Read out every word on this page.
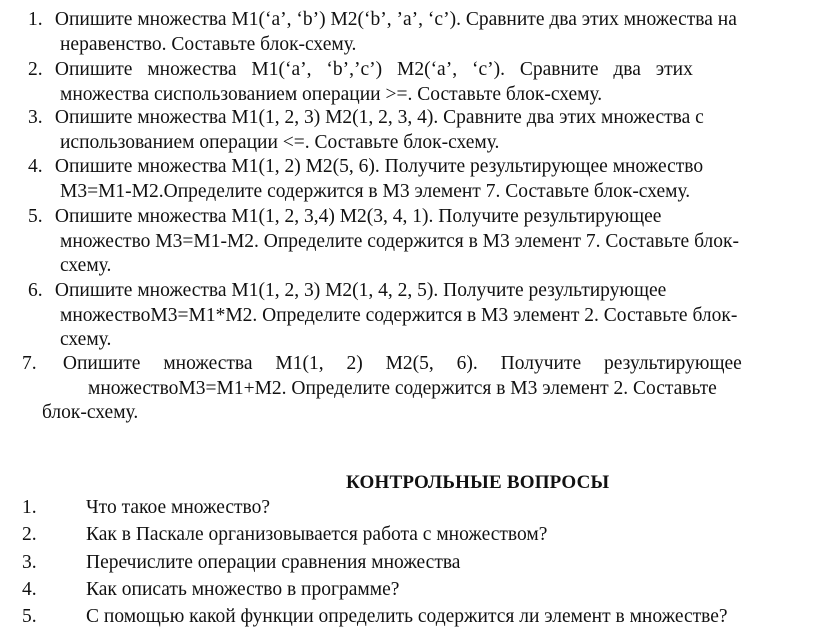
1. Опишите множества М1(‘а’, ‘b’) М2(‘b’, ’a’, ‘c’). Сравните два этих множества на
неравенство. Составьте блок-схему.
2. Опишите множества М1(‘а’, ‘b’,’c’) М2(‘a’, ‘c’). Сравните два этих
множества сиспользованием операции >=. Составьте блок-схему.
3. Опишите множества М1(1, 2, 3) М2(1, 2, 3, 4). Сравните два этих множества с
использованием операции <=. Составьте блок-схему.
4. Опишите множества М1(1, 2) М2(5, 6). Получите результирующее множество
М3=М1-М2.Определите содержится в М3 элемент 7. Составьте блок-схему.
5. Опишите множества М1(1, 2, 3,4) М2(3, 4, 1). Получите результирующее
множество М3=М1-М2. Определите содержится в М3 элемент 7. Составьте блок-
схему.
6. Опишите множества М1(1, 2, 3) М2(1, 4, 2, 5). Получите результирующее
множествоМ3=М1*М2. Определите содержится в М3 элемент 2. Составьте блок-
схему.
7. Опишите множества М1(1, 2) М2(5, 6). Получите результирующее
множествоМ3=М1+М2. Определите содержится в М3 элемент 2. Составьте
блок-схему.
КОНТРОЛЬНЫЕ ВОПРОСЫ
1.	Что такое множество?
2.	Как в Паскале организовывается работа с множеством?
3.	Перечислите операции сравнения множества
4.	Как описать множество в программе?
5.	С помощью какой функции определить содержится ли элемент в множестве?
